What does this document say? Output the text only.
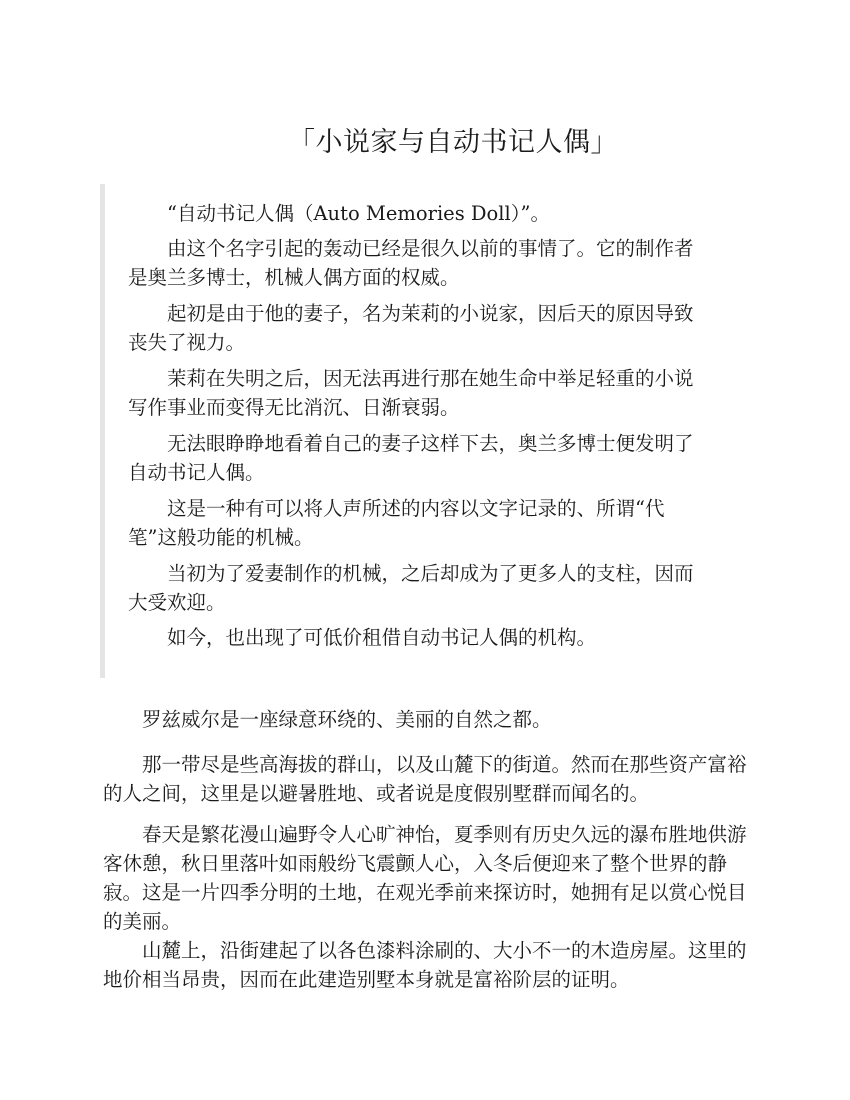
「小说家与自动书记人偶」

“自动书记人偶（Auto Memories Doll）”。

由这个名字引起的轰动已经是很久以前的事情了。它的制作者是奥兰多博士，机械人偶方面的权威。

起初是由于他的妻子，名为茉莉的小说家，因后天的原因导致丧失了视力。

茉莉在失明之后，因无法再进行那在她生命中举足轻重的小说写作事业而变得无比消沉、日渐衰弱。

无法眼睁睁地看着自己的妻子这样下去，奥兰多博士便发明了自动书记人偶。

这是一种有可以将人声所述的内容以文字记录的、所谓“代笔”这般功能的机械。

当初为了爱妻制作的机械，之后却成为了更多人的支柱，因而大受欢迎。

如今，也出现了可低价租借自动书记人偶的机构。

罗兹威尔是一座绿意环绕的、美丽的自然之都。

那一带尽是些高海拔的群山，以及山麓下的街道。然而在那些资产富裕的人之间，这里是以避暑胜地、或者说是度假别墅群而闻名的。

春天是繁花漫山遍野令人心旷神怡，夏季则有历史久远的瀑布胜地供游客休憩，秋日里落叶如雨般纷飞震颤人心，入冬后便迎来了整个世界的静寂。这是一片四季分明的土地，在观光季前来探访时，她拥有足以赏心悦目的美丽。

山麓上，沿街建起了以各色漆料涂刷的、大小不一的木造房屋。这里的地价相当昂贵，因而在此建造别墅本身就是富裕阶层的证明。
